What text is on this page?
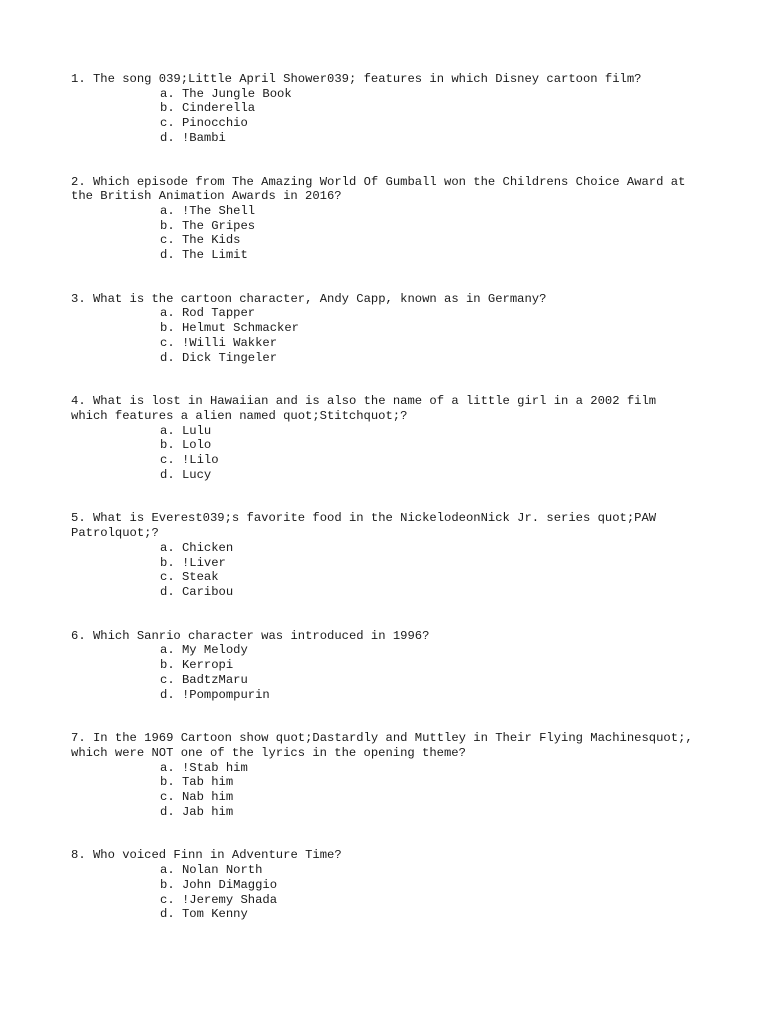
1. The song 039;Little April Shower039; features in which Disney cartoon film?

a. The Jungle Book
b. Cinderella
c. Pinocchio
d. !Bambi

2. Which episode from The Amazing World Of Gumball won the Childrens Choice Award at the British Animation Awards in 2016?

a. !The Shell
b. The Gripes
c. The Kids
d. The Limit

3. What is the cartoon character, Andy Capp, known as in Germany?

a. Rod Tapper
b. Helmut Schmacker
c. !Willi Wakker
d. Dick Tingeler

4. What is lost in Hawaiian and is also the name of a little girl in a 2002 film which features a alien named quot;Stitchquot;?

a. Lulu
b. Lolo
c. !Lilo
d. Lucy

5. What is Everest039;s favorite food in the NickelodeonNick Jr. series quot;PAW Patrolquot;?

a. Chicken
b. !Liver
c. Steak
d. Caribou

6. Which Sanrio character was introduced in 1996?

a. My Melody
b. Kerropi
c. BadtzMaru
d. !Pompompurin

7. In the 1969 Cartoon show quot;Dastardly and Muttley in Their Flying Machinesquot;, which were NOT one of the lyrics in the opening theme?

a. !Stab him
b. Tab him
c. Nab him
d. Jab him

8. Who voiced Finn in Adventure Time?

a. Nolan North
b. John DiMaggio
c. !Jeremy Shada
d. Tom Kenny
